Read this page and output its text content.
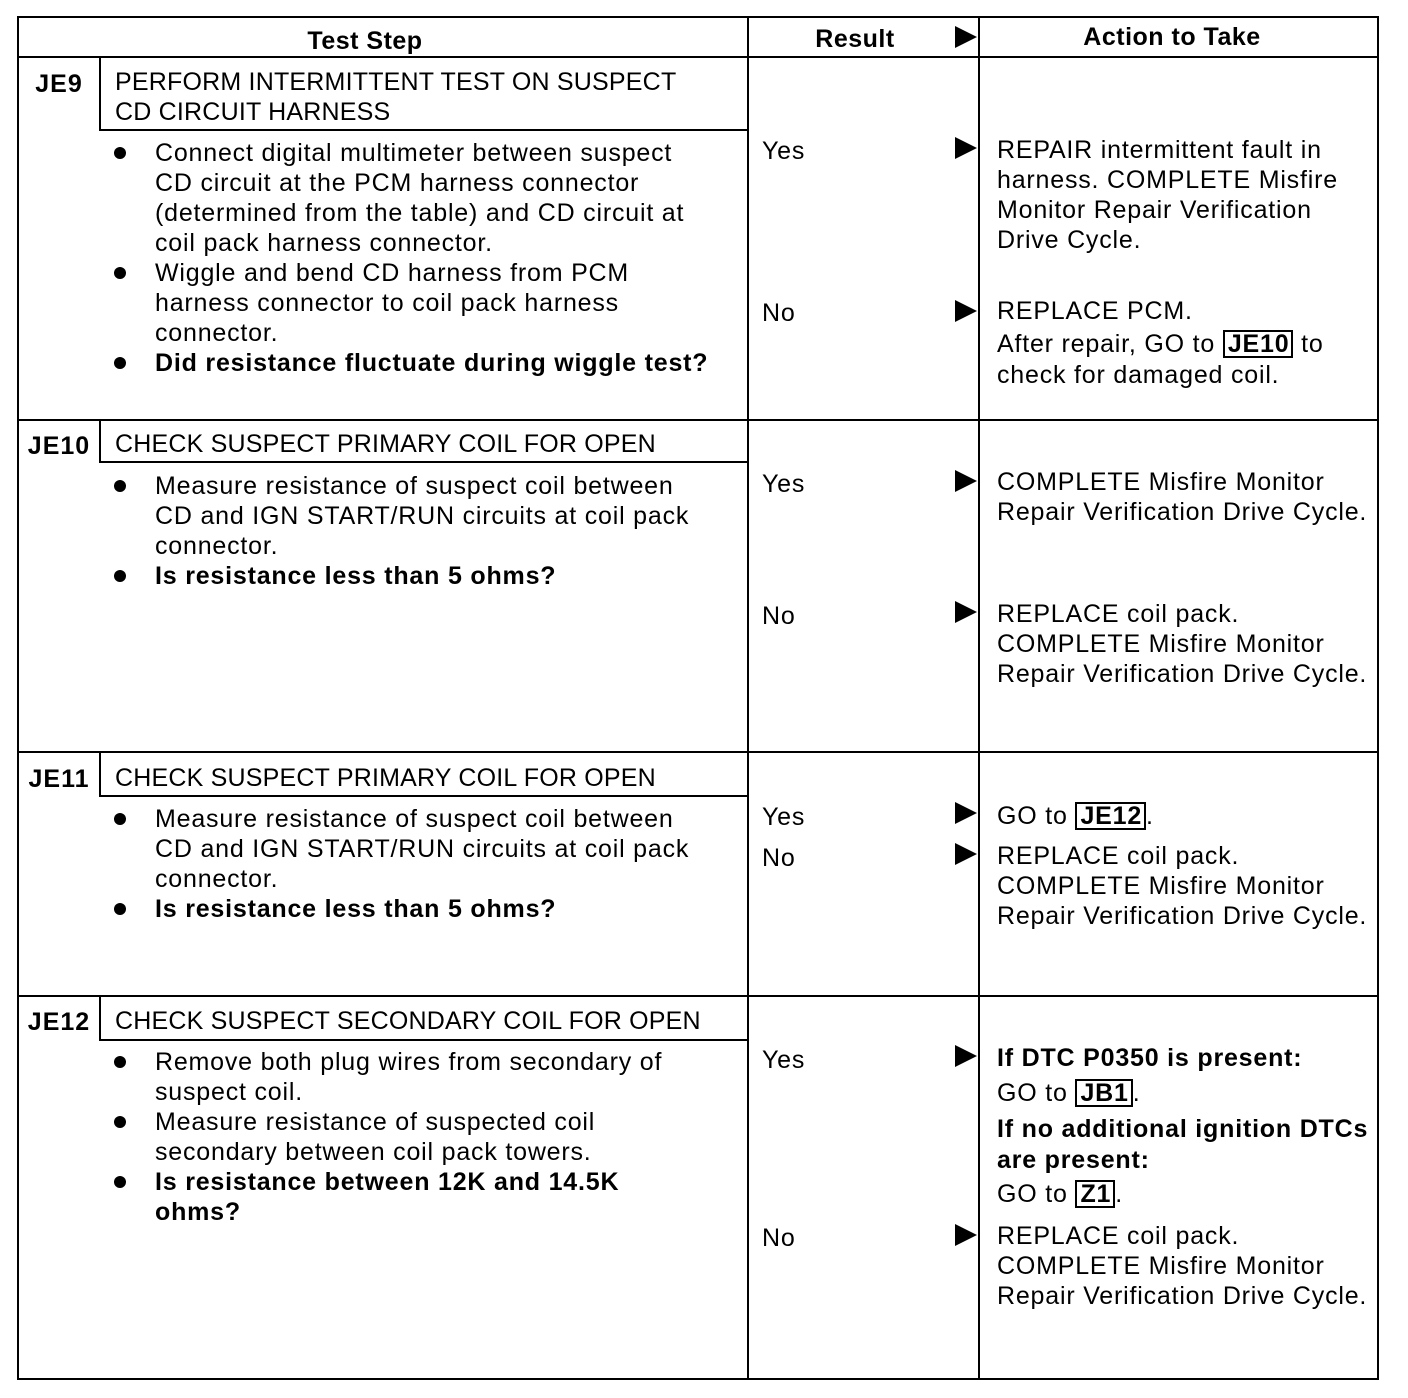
Test Step	Result	Action to Take
JE9	PERFORM INTERMITTENT TEST ON SUSPECT
CD CIRCUIT HARNESS
Connect digital multimeter between suspect
CD circuit at the PCM harness connector
(determined from the table) and CD circuit at
coil pack harness connector.
Wiggle and bend CD harness from PCM
harness connector to coil pack harness
connector.
Did resistance fluctuate during wiggle test?
Yes	REPAIR intermittent fault in
harness. COMPLETE Misfire
Monitor Repair Verification
Drive Cycle.
No	REPLACE PCM.
After repair, GO to JE10 to
check for damaged coil.
JE10 CHECK SUSPECT PRIMARY COIL FOR OPEN
Measure resistance of suspect coil between
CD and IGN START/RUN circuits at coil pack
connector.
Is resistance less than 5 ohms?
Yes	COMPLETE Misfire Monitor
Repair Verification Drive Cycle.
No	REPLACE coil pack.
COMPLETE Misfire Monitor
Repair Verification Drive Cycle.
JE11	CHECK SUSPECT PRIMARY COIL FOR OPEN
Measure resistance of suspect coil between
CD and IGN START/RUN circuits at coil pack
connector.
Is resistance less than 5 ohms?
Yes	GO to JE12 .
No	REPLACE coil pack.
COMPLETE Misfire Monitor
Repair Verification Drive Cycle.
JE12 CHECK SUSPECT SECONDARY COIL FOR OPEN
Remove both plug wires from secondary of
suspect coil.
Measure resistance of suspected coil
secondary between coil pack towers.
Is resistance between 12K and 14.5K
ohms?
Yes	If DTC P0350 is present:
GO to JB1 .
If no additional ignition DTCs
are present:
GO to Z1 .
No	REPLACE coil pack.
COMPLETE Misfire Monitor
Repair Verification Drive Cycle.
